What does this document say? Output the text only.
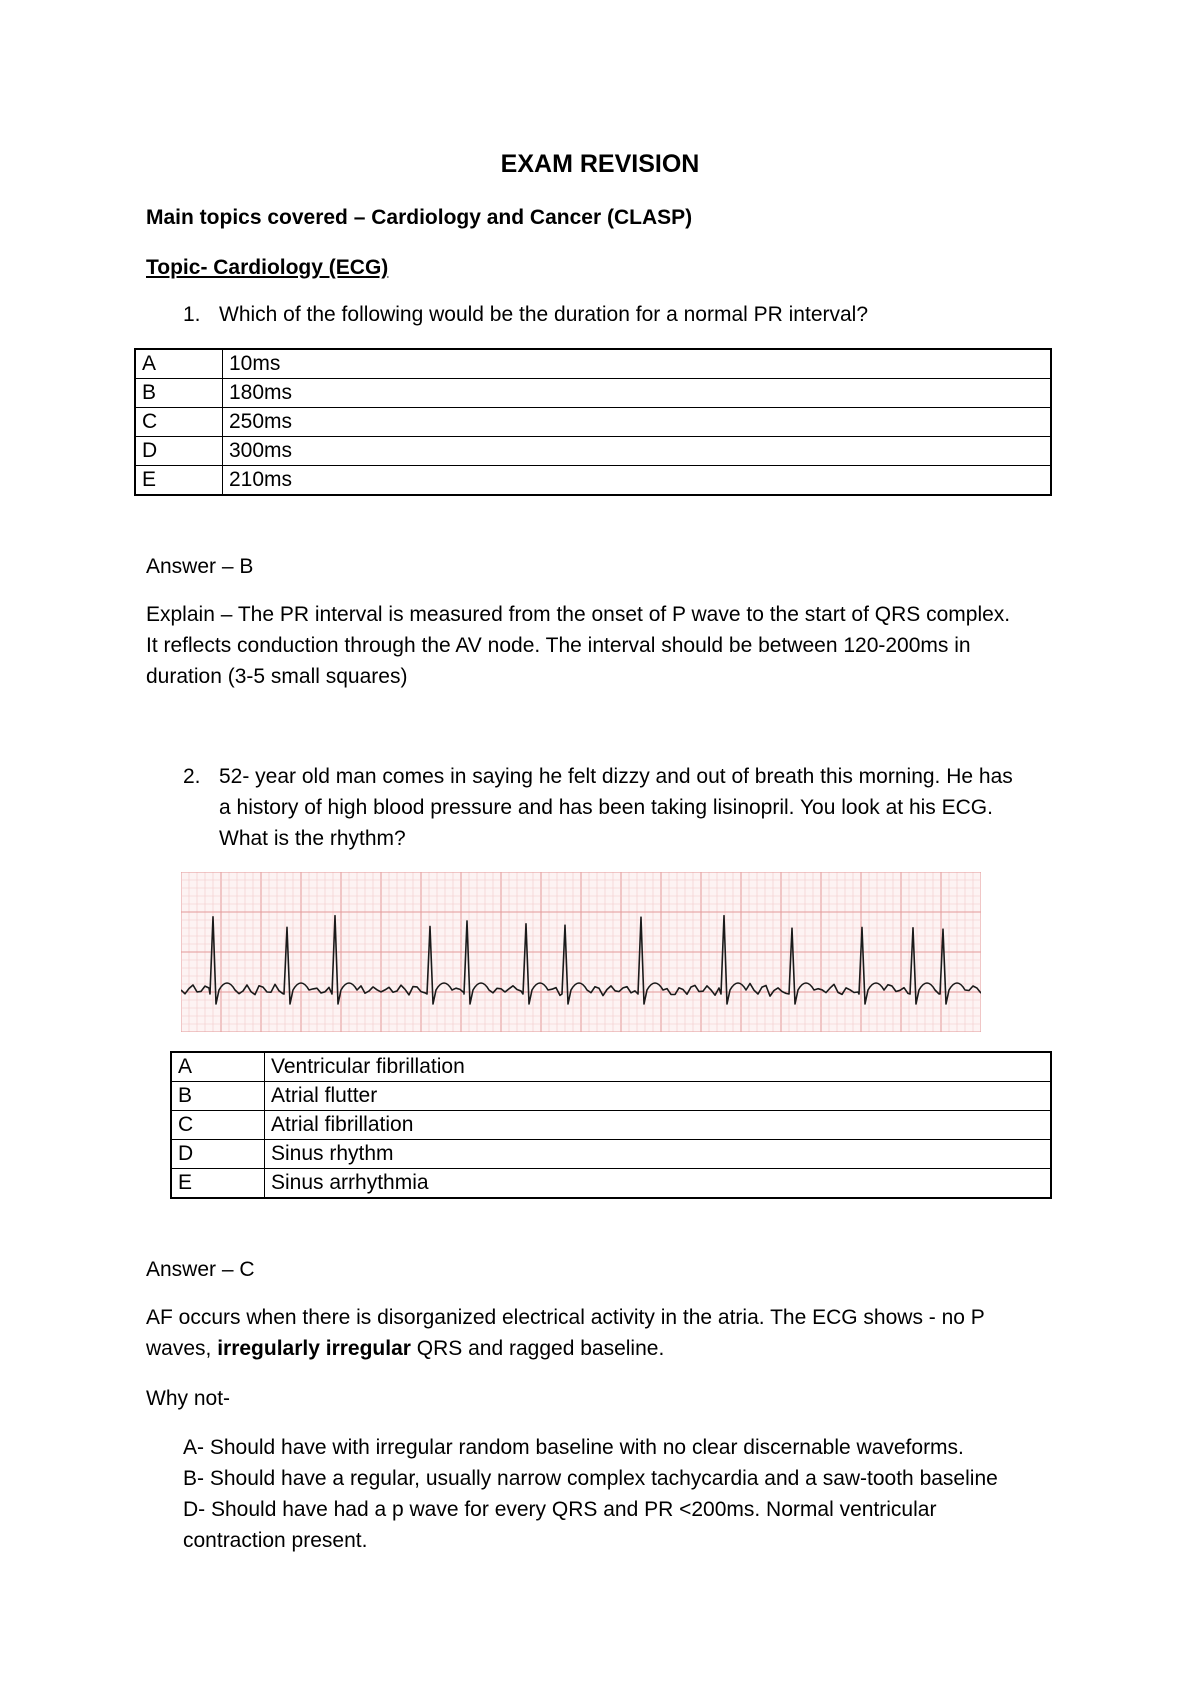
EXAM REVISION
Main topics covered – Cardiology and Cancer (CLASP)
Topic- Cardiology (ECG)
1. Which of the following would be the duration for a normal PR interval?
A	10ms
B	180ms
C	250ms
D	300ms
E	210ms
Answer – B
Explain – The PR interval is measured from the onset of P wave to the start of QRS complex.
It reflects conduction through the AV node. The interval should be between 120-200ms in
duration (3-5 small squares)
2. 52- year old man comes in saying he felt dizzy and out of breath this morning. He has
a history of high blood pressure and has been taking lisinopril. You look at his ECG.
What is the rhythm?
A	Ventricular fibrillation
B	Atrial flutter
C	Atrial fibrillation
D	Sinus rhythm
E	Sinus arrhythmia
Answer – C
AF occurs when there is disorganized electrical activity in the atria. The ECG shows - no P
waves, irregularly irregular QRS and ragged baseline.
Why not-
A- Should have with irregular random baseline with no clear discernable waveforms.
B- Should have a regular, usually narrow complex tachycardia and a saw-tooth baseline
D- Should have had a p wave for every QRS and PR <200ms. Normal ventricular
contraction present.
